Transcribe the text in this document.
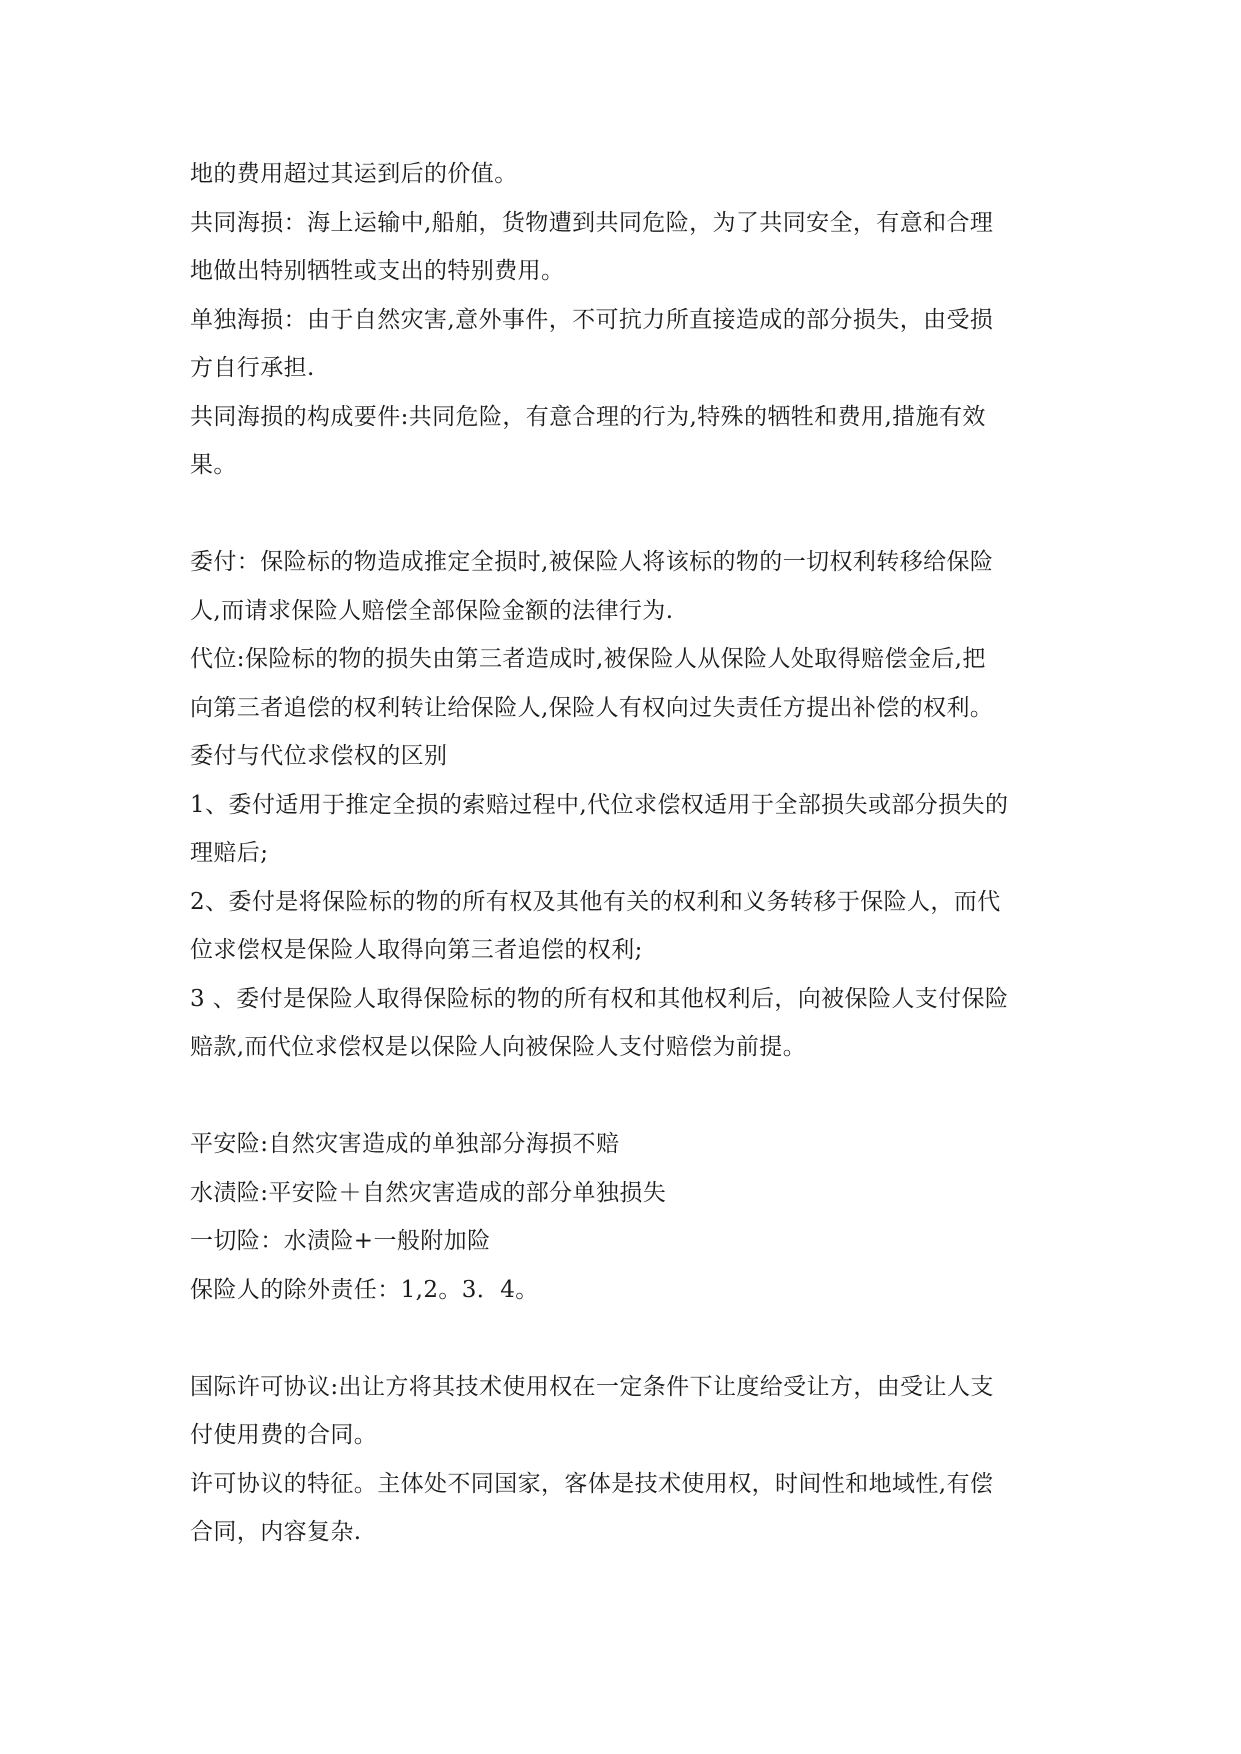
地的费用超过其运到后的价值。
共同海损：海上运输中,船舶，货物遭到共同危险，为了共同安全，有意和合理
地做出特别牺牲或支出的特别费用。
单独海损：由于自然灾害,意外事件，不可抗力所直接造成的部分损失，由受损
方自行承担.
共同海损的构成要件:共同危险，有意合理的行为,特殊的牺牲和费用,措施有效
果。
委付：保险标的物造成推定全损时,被保险人将该标的物的一切权利转移给保险
人,而请求保险人赔偿全部保险金额的法律行为.
代位:保险标的物的损失由第三者造成时,被保险人从保险人处取得赔偿金后,把
向第三者追偿的权利转让给保险人,保险人有权向过失责任方提出补偿的权利。
委付与代位求偿权的区别
1、委付适用于推定全损的索赔过程中,代位求偿权适用于全部损失或部分损失的
理赔后;
2、委付是将保险标的物的所有权及其他有关的权利和义务转移于保险人，而代
位求偿权是保险人取得向第三者追偿的权利;
3 、委付是保险人取得保险标的物的所有权和其他权利后，向被保险人支付保险
赔款,而代位求偿权是以保险人向被保险人支付赔偿为前提。
平安险:自然灾害造成的单独部分海损不赔
水渍险:平安险＋自然灾害造成的部分单独损失
一切险：水渍险+一般附加险
保险人的除外责任：1,2。3．4。
国际许可协议:出让方将其技术使用权在一定条件下让度给受让方，由受让人支
付使用费的合同。
许可协议的特征。主体处不同国家，客体是技术使用权，时间性和地域性,有偿
合同，内容复杂.
